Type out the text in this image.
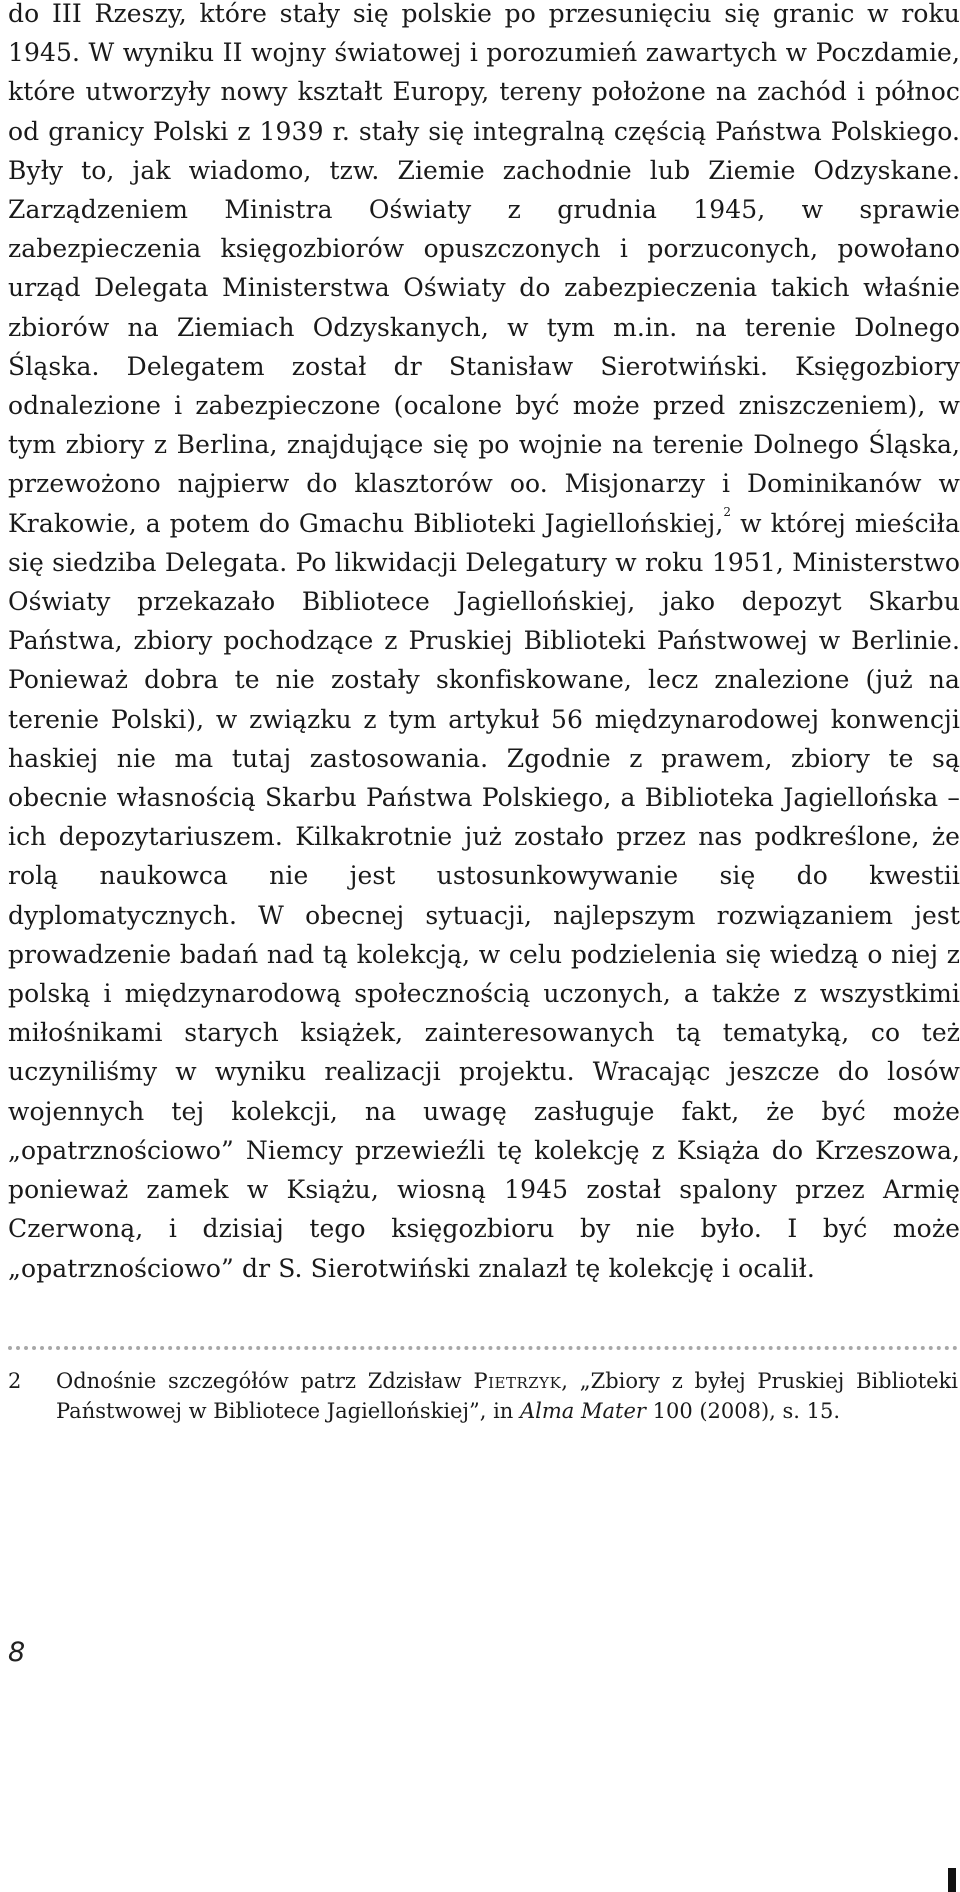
do III Rzeszy, które stały się polskie po przesunięciu się granic w roku 1945. W wyniku II wojny światowej i porozumień zawartych w Poczdamie, które utworzyły nowy kształt Europy, tereny położone na zachód i północ od granicy Polski z 1939 r. stały się integralną częścią Państwa Polskiego. Były to, jak wiadomo, tzw. Ziemie zachodnie lub Ziemie Odzyskane. Zarządzeniem Ministra Oświaty z grudnia 1945, w sprawie zabezpieczenia księgozbiorów opuszczonych i porzuconych, powołano urząd Delegata Ministerstwa Oświaty do zabezpieczenia takich właśnie zbiorów na Ziemiach Odzyskanych, w tym m.in. na terenie Dolnego Śląska. Delegatem został dr Stanisław Sierotwiński. Księgozbiory odnalezione i zabezpieczone (ocalone być może przed zniszczeniem), w tym zbiory z Berlina, znajdujące się po wojnie na terenie Dolnego Śląska, przewożono najpierw do klasztorów oo. Misjonarzy i Dominikanów w Krakowie, a potem do Gmachu Biblioteki Jagiellońskiej,$^2$ w której mieściła się siedziba Delegata. Po likwidacji Delegatury w roku 1951, Ministerstwo Oświaty przekazało Bibliotece Jagiellońskiej, jako depozyt Skarbu Państwa, zbiory pochodzące z Pruskiej Biblioteki Państwowej w Berlinie. Ponieważ dobra te nie zostały skonfiskowane, lecz znalezione (już na terenie Polski), w związku z tym artykuł 56 międzynarodowej konwencji haskiej nie ma tutaj zastosowania. Zgodnie z prawem, zbiory te są obecnie własnością Skarbu Państwa Polskiego, a Biblioteka Jagiellońska – ich depozytariuszem. Kilkakrotnie już zostało przez nas podkreślone, że rolą naukowca nie jest ustosunkowywanie się do kwestii dyplomatycznych. W obecnej sytuacji, najlepszym rozwiązaniem jest prowadzenie badań nad tą kolekcją, w celu podzielenia się wiedzą o niej z polską i międzynarodową społecznością uczonych, a także z wszystkimi miłośnikami starych książek, zainteresowanych tą tematyką, co też uczyniliśmy w wyniku realizacji projektu. Wracając jeszcze do losów wojennych tej kolekcji, na uwagę zasługuje fakt, że być może „opatrznościowo” Niemcy przewieźli tę kolekcję z Książa do Krzeszowa, ponieważ zamek w Książu, wiosną 1945 został spalony przez Armię Czerwoną, i dzisiaj tego księgozbioru by nie było. I być może „opatrznościowo” dr S. Sierotwiński znalazł tę kolekcję i ocalił.

2	Odnośnie szczegółów patrz Zdzisław Pietrzyk, „Zbiory z byłej Pruskiej Biblioteki Państwowej w Bibliotece Jagiellońskiej”, in Alma Mater 100 (2008), s. 15.
8
